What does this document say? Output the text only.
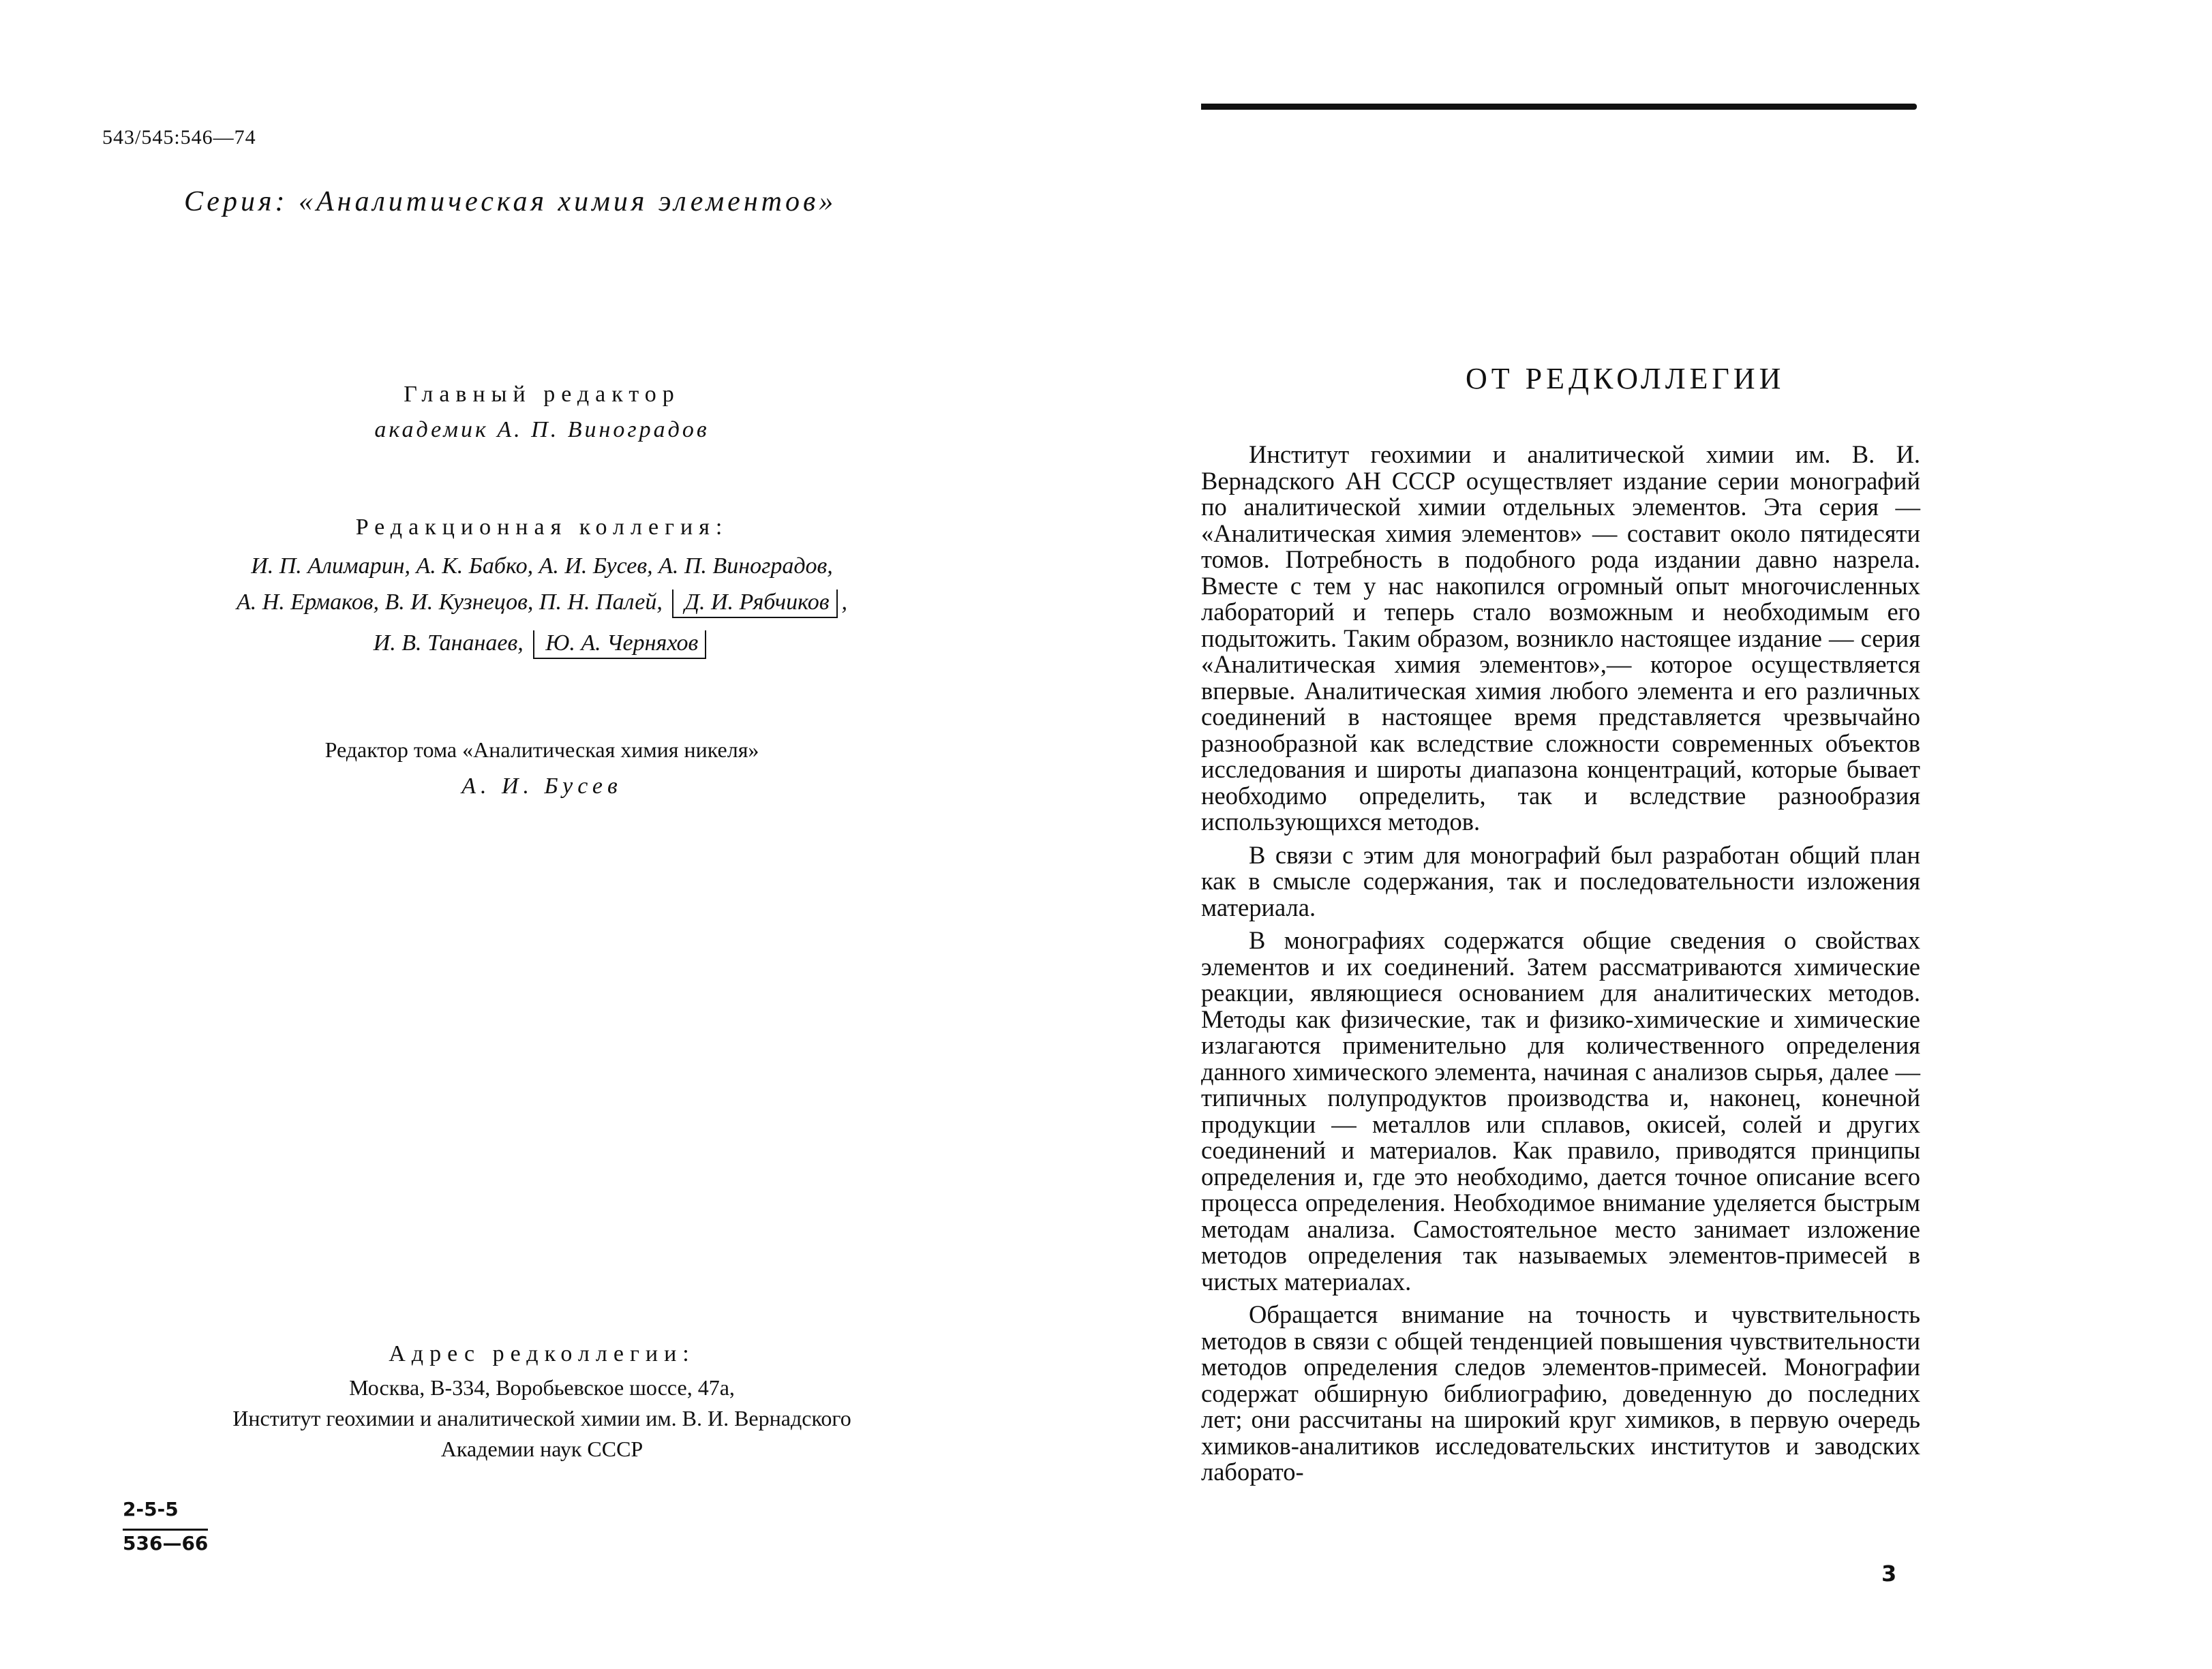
543/545:546—74
Серия: «Аналитическая химия элементов»
Главный редактор
академик А. П. Виноградов
Редакционная коллегия:
И. П. Алимарин, А. К. Бабко, А. И. Бусев, А. П. Виноградов,
А. Н. Ермаков, В. И. Кузнецов, П. Н. Палей, Д. И. Рябчиков ,
И. В. Тананаев, Ю. А. Черняхов
Редактор тома «Аналитическая химия никеля»
А. И. Бусев
Адрес редколлегии:
Москва, В-334, Воробьевское шоссе, 47а,
Институт геохимии и аналитической химии им. В. И. Вернадского
Академии наук СССР
2-5-5
536—66
ОТ РЕДКОЛЛЕГИИ

Институт геохимии и аналитической химии им. В. И. Вернадского АН СССР осуществляет издание серии монографий по аналитической химии отдельных элементов. Эта серия — «Аналитическая химия элементов» — составит около пятидесяти томов. Потребность в подобного рода издании давно назрела. Вместе с тем у нас накопился огромный опыт многочисленных лабораторий и теперь стало возможным и необходимым его подытожить. Таким образом, возникло настоящее издание — серия «Аналитическая химия элементов»,— которое осуществляется впервые. Аналитическая химия любого элемента и его различных соединений в настоящее время представляется чрезвычайно разнообразной как вследствие сложности современных объектов исследования и широты диапазона концентраций, которые бывает необходимо определить, так и вследствие разнообразия использующихся методов.

В связи с этим для монографий был разработан общий план как в смысле содержания, так и последовательности изложения материала.

В монографиях содержатся общие сведения о свойствах элементов и их соединений. Затем рассматриваются химические реакции, являющиеся основанием для аналитических методов. Методы как физические, так и физико-химические и химические излагаются применительно для количественного определения данного химического элемента, начиная с анализов сырья, далее — типичных полупродуктов производства и, наконец, конечной продукции — металлов или сплавов, окисей, солей и других соединений и материалов. Как правило, приводятся принципы определения и, где это необходимо, дается точное описание всего процесса определения. Необходимое внимание уделяется быстрым методам анализа. Самостоятельное место занимает изложение методов определения так называемых элементов-примесей в чистых материалах.

Обращается внимание на точность и чувствительность методов в связи с общей тенденцией повышения чувствительности методов определения следов элементов-примесей. Монографии содержат обширную библиографию, доведенную до последних лет; они рассчитаны на широкий круг химиков, в первую очередь химиков-аналитиков исследовательских институтов и заводских лаборато-

3
